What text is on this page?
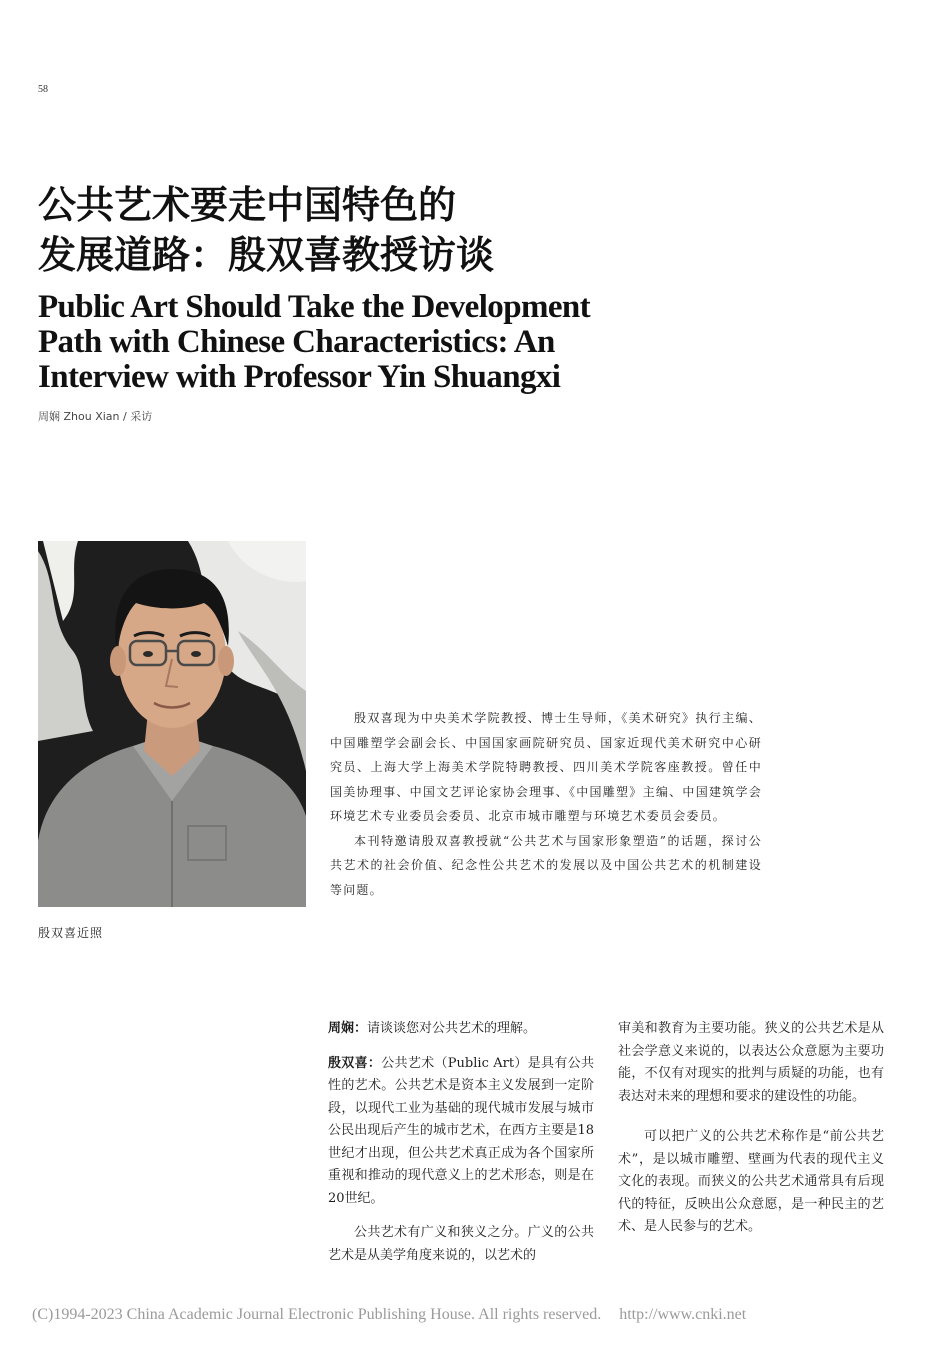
58
公共艺术要走中国特色的
发展道路：殷双喜教授访谈
Public Art Should Take the Development
Path with Chinese Characteristics: An
Interview with Professor Yin Shuangxi
周娴 Zhou Xian / 采访
殷双喜近照

殷双喜现为中央美术学院教授、博士生导师，《美术研究》执行主编、中国雕塑学会副会长、中国国家画院研究员、国家近现代美术研究中心研究员、上海大学上海美术学院特聘教授、四川美术学院客座教授。曾任中国美协理事、中国文艺评论家协会理事、《中国雕塑》主编、中国建筑学会环境艺术专业委员会委员、北京市城市雕塑与环境艺术委员会委员。

本刊特邀请殷双喜教授就“公共艺术与国家形象塑造”的话题，探讨公共艺术的社会价值、纪念性公共艺术的发展以及中国公共艺术的机制建设等问题。

周娴：请谈谈您对公共艺术的理解。

殷双喜：公共艺术（Public Art）是具有公共性的艺术。公共艺术是资本主义发展到一定阶段，以现代工业为基础的现代城市发展与城市公民出现后产生的城市艺术，在西方主要是18世纪才出现，但公共艺术真正成为各个国家所重视和推动的现代意义上的艺术形态，则是在20世纪。

公共艺术有广义和狭义之分。广义的公共艺术是从美学角度来说的，以艺术的

审美和教育为主要功能。狭义的公共艺术是从社会学意义来说的，以表达公众意愿为主要功能，不仅有对现实的批判与质疑的功能，也有表达对未来的理想和要求的建设性的功能。

可以把广义的公共艺术称作是“前公共艺术”，是以城市雕塑、壁画为代表的现代主义文化的表现。而狭义的公共艺术通常具有后现代的特征，反映出公众意愿，是一种民主的艺术、是人民参与的艺术。

(C)1994-2023 China Academic Journal Electronic Publishing House. All rights reserved. http://www.cnki.net
